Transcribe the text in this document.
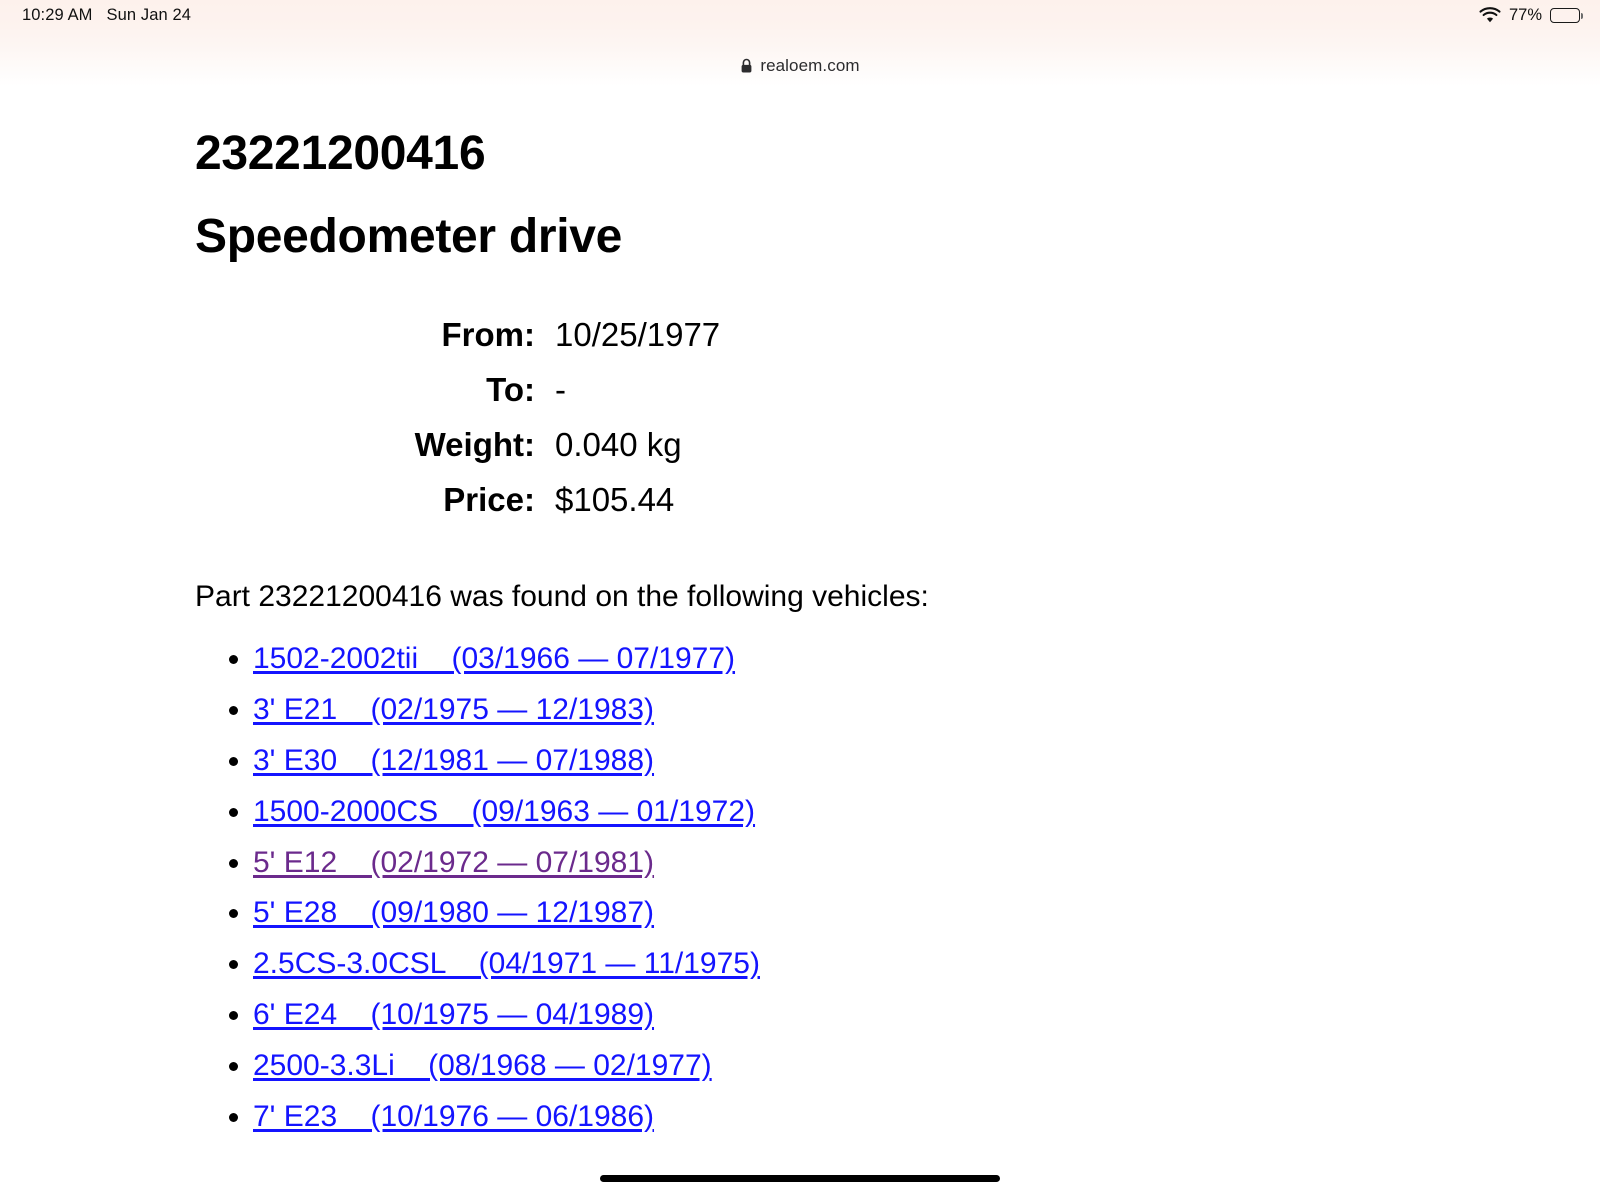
10:29 AM Sun Jan 24	77%
realoem.com
23221200416
Speedometer drive
From:	10/25/1977
To:	-
Weight:	0.040 kg
Price:	$105.44

Part 23221200416 was found on the following vehicles:

• 1502-2002tii    (03/1966 — 07/1977)
• 3' E21    (02/1975 — 12/1983)
• 3' E30    (12/1981 — 07/1988)
• 1500-2000CS    (09/1963 — 01/1972)
• 5' E12    (02/1972 — 07/1981)
• 5' E28    (09/1980 — 12/1987)
• 2.5CS-3.0CSL    (04/1971 — 11/1975)
• 6' E24    (10/1975 — 04/1989)
• 2500-3.3Li    (08/1968 — 02/1977)
• 7' E23    (10/1976 — 06/1986)
